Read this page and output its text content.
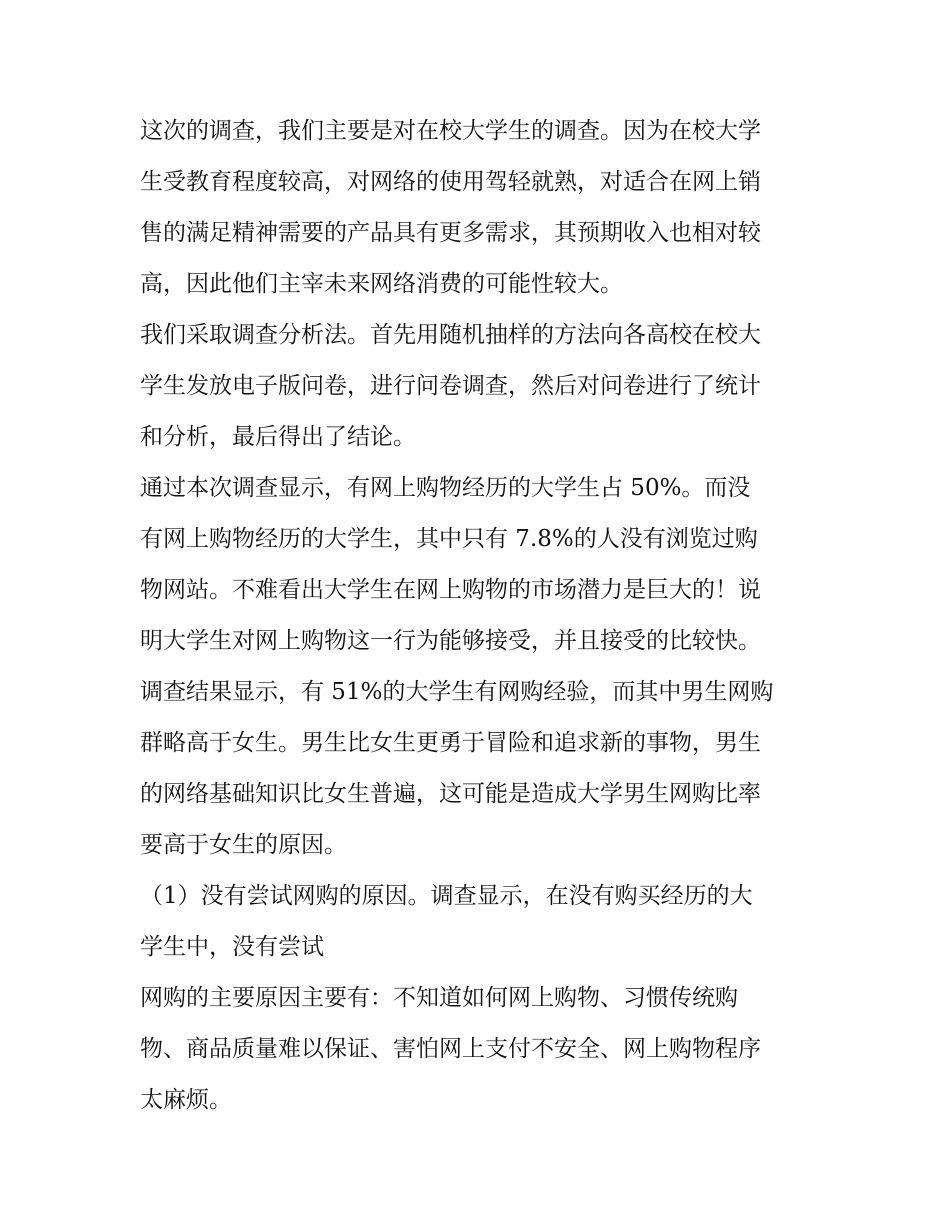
这次的调查，我们主要是对在校大学生的调查。因为在校大学
生受教育程度较高，对网络的使用驾轻就熟，对适合在网上销
售的满足精神需要的产品具有更多需求，其预期收入也相对较
高，因此他们主宰未来网络消费的可能性较大。
我们采取调查分析法。首先用随机抽样的方法向各高校在校大
学生发放电子版问卷，进行问卷调查，然后对问卷进行了统计
和分析，最后得出了结论。
通过本次调查显示，有网上购物经历的大学生占 50%。而没
有网上购物经历的大学生，其中只有 7.8%的人没有浏览过购
物网站。不难看出大学生在网上购物的市场潜力是巨大的！说
明大学生对网上购物这一行为能够接受，并且接受的比较快。
调查结果显示，有 51%的大学生有网购经验，而其中男生网购
群略高于女生。男生比女生更勇于冒险和追求新的事物，男生
的网络基础知识比女生普遍，这可能是造成大学男生网购比率
要高于女生的原因。
（1）没有尝试网购的原因。调查显示，在没有购买经历的大
学生中，没有尝试
网购的主要原因主要有：不知道如何网上购物、习惯传统购
物、商品质量难以保证、害怕网上支付不安全、网上购物程序
太麻烦。
